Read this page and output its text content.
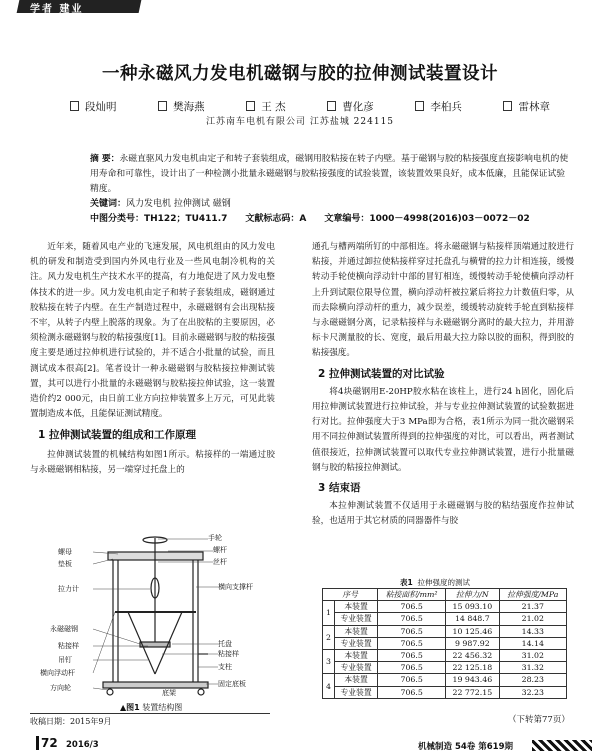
学者 建业
一种永磁风力发电机磁钢与胶的拉伸测试装置设计
段灿明	樊海燕	王 杰	曹化彦	李桕兵	雷林章
江苏南车电机有限公司 江苏盐城 224115
摘 要：永磁直驱风力发电机由定子和转子套装组成，磁钢用胶粘接在转子内壁。基于磁钢与胶的粘接强度直接影响电机的使用寿命和可靠性，设计出了一种检测小批量永磁磁钢与胶粘接强度的试验装置，该装置效果良好，成本低廉，且能保证试验精度。
关键词：风力发电机 拉伸测试 磁钢
中图分类号：TH122；TU411.7 文献标志码：A 文章编号：1000－4998(2016)03－0072－02

近年来，随着风电产业的飞速发展，风电机组由的风力发电机的研发和制造受到国内外风电行业及一些风电制冷机构的关注。风力发电机生产技术水平的提高，有力地促进了风力发电整体技术的进一步。风力发电机由定子和转子套装组成，磁钢通过胶粘接在转子内壁。在生产制造过程中，永磁磁钢有会出现粘接不牢，从转子内壁上脱落的现象。为了在出胶粘的主要原因，必须检测永磁磁钢与胶的粘接强度[1]。目前永磁磁钢与胶的粘接强度主要是通过拉伸机进行试验的，并不适合小批量的试验，而且测试成本很高[2]。笔者设计一种永磁磁钢与胶粘接拉伸测试装置，其可以进行小批量的永磁磁钢与胶粘接拉伸试验，这一装置造价约2 000元，由日前工业方向拉伸装置多上万元，可见此装置制造成本低，且能保证测试精度。

1 拉伸测试装置的组成和工作原理

拉伸测试装置的机械结构如图1所示。粘接样的一端通过胶与永磁磁钢相粘接，另一端穿过托盘上的

手轮
螺杆
丝杆
横向支撑杆
托盘
粘接样
支柱
固定底板
螺母
垫板
拉力计
永磁磁钢
粘接样
吊钉
横向浮动杆
方向轮
底架
▲图1 装置结构图
收稿日期：2015年9月

通孔与槽两端所钉的中部相连。将永磁磁钢与粘接样顶端通过胶进行粘接，并通过卸拉使粘接样穿过托盘孔与横臂的拉力计相连接，缓慢转动手轮使横向浮动针中部的冒钉相连，缓慢转动手轮使横向浮动杆上升到试限位限导位置，横向浮动杆被拉紧后将拉力计数值归零，从而去除横向浮动杆的重力，减少误差，缓缓转动旋转手轮直到粘接样与永磁磁钢分离，记录粘接样与永磁磁钢分离时的最大拉力，并用游标卡尺测量胶的长、宽度，最后用最大拉力除以胶的面积，得到胶的粘接强度。

2 拉伸测试装置的对比试验

将4块磁钢用E-20HP胶水粘在该柱上，进行24 h固化，固化后用拉伸测试装置进行拉伸试验，并与专业拉伸测试装置的试验数据进行对比。拉伸强度大于3 MPa即为合格，表1所示为同一批次磁钢采用不同拉伸测试装置所得到的拉伸强度的对比，可以看出，两者测试值很接近，拉伸测试装置可以取代专业拉伸测试装置，进行小批量磁钢与胶的粘接拉伸测试。

3 结束语

本拉伸测试装置不仅适用于永磁磁钢与胶的粘结强度作拉伸试验，也适用于其它材质的同器器件与胶

表1 拉伸强度的测试
序号		粘接面积/mm²	拉伸力/N	拉伸强度/MPa
1	本装置	706.5	15 093.10	21.37
	专业装置	706.5	14 848.7	21.02
2	本装置	706.5	10 125.46	14.33
	专业装置	706.5	9 987.92	14.14
3	本装置	706.5	22 456.32	31.02
	专业装置	706.5	22 125.18	31.32
4	本装置	706.5	19 943.46	28.23
	专业装置	706.5	22 772.15	32.23
（下转第77页）
72 2016/3	机械制造 54卷 第619期
